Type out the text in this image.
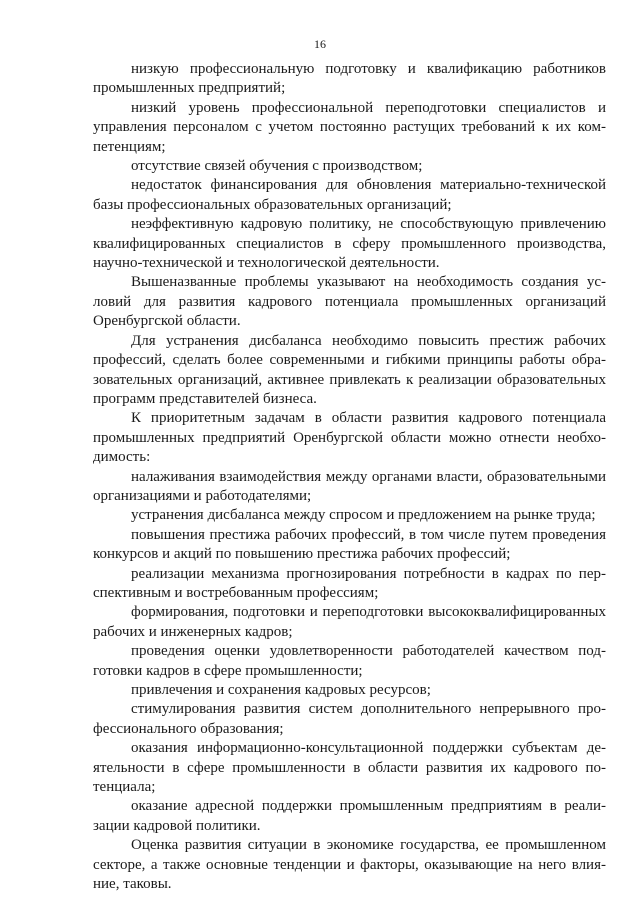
16

низкую профессиональную подготовку и квалификацию работников промышленных предприятий;

низкий уровень профессиональной переподготовки специалистов и управления персоналом с учетом постоянно растущих требований к их компетенциям;

отсутствие связей обучения с производством;

недостаток финансирования для обновления материально-технической базы профессиональных образовательных организаций;

неэффективную кадровую политику, не способствующую привлечению квалифицированных специалистов в сферу промышленного производства, научно-технической и технологической деятельности.

Вышеназванные проблемы указывают на необходимость создания условий для развития кадрового потенциала промышленных организаций Оренбургской области.

Для устранения дисбаланса необходимо повысить престиж рабочих профессий, сделать более современными и гибкими принципы работы образовательных организаций, активнее привлекать к реализации образовательных программ представителей бизнеса.

К приоритетным задачам в области развития кадрового потенциала промышленных предприятий Оренбургской области можно отнести необходимость:

налаживания взаимодействия между органами власти, образовательными организациями и работодателями;

устранения дисбаланса между спросом и предложением на рынке труда;

повышения престижа рабочих профессий, в том числе путем проведения конкурсов и акций по повышению престижа рабочих профессий;

реализации механизма прогнозирования потребности в кадрах по перспективным и востребованным профессиям;

формирования, подготовки и переподготовки высококвалифицированных рабочих и инженерных кадров;

проведения оценки удовлетворенности работодателей качеством подготовки кадров в сфере промышленности;

привлечения и сохранения кадровых ресурсов;

стимулирования развития систем дополнительного непрерывного профессионального образования;

оказания информационно-консультационной поддержки субъектам деятельности в сфере промышленности в области развития их кадрового потенциала;

оказание адресной поддержки промышленным предприятиям в реализации кадровой политики.

Оценка развития ситуации в экономике государства, ее промышленном секторе, а также основные тенденции и факторы, оказывающие на него влияние, таковы.
